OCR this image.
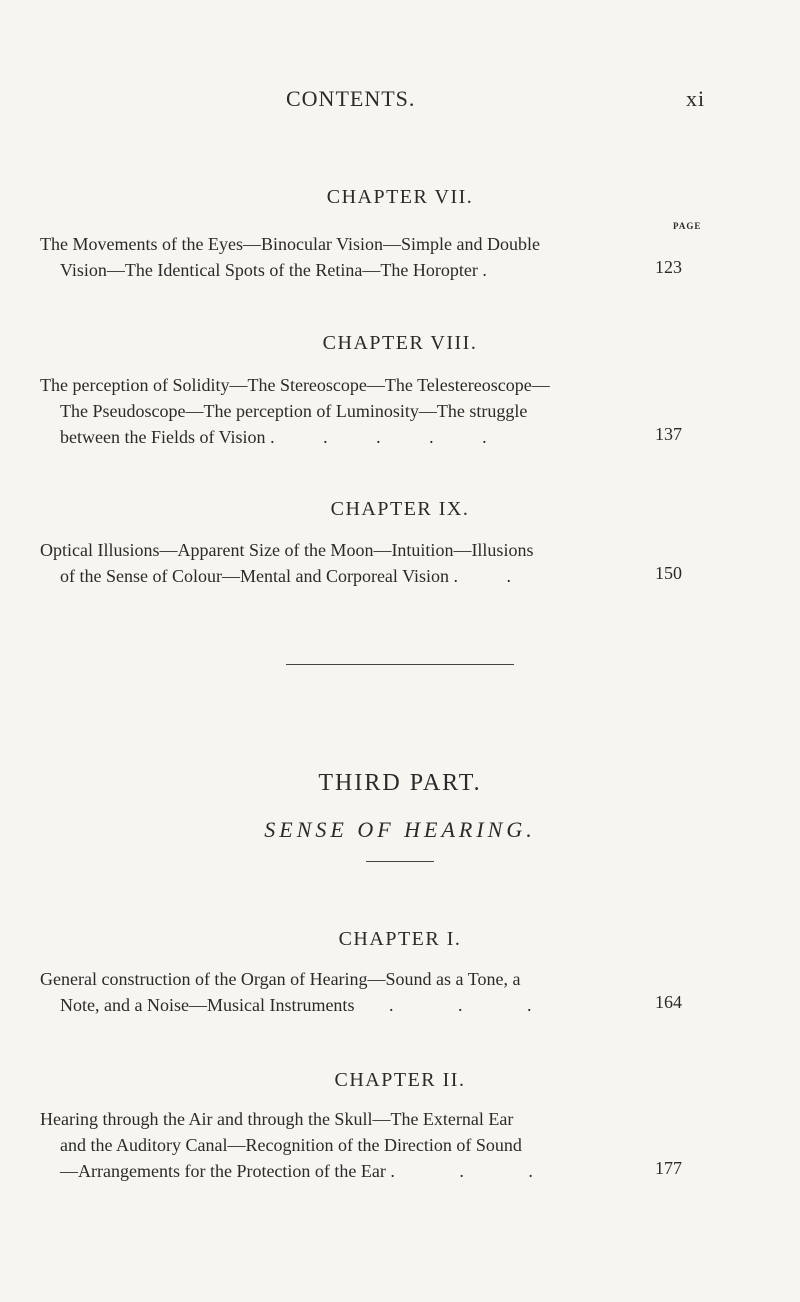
CONTENTS.	xi
CHAPTER VII.
PAGE
The Movements of the Eyes—Binocular Vision—Simple and Double
Vision—The Identical Spots of the Retina—The Horopter .	123
CHAPTER VIII.
The perception of Solidity—The Stereoscope—The Telestereoscope—
The Pseudoscope—The perception of Luminosity—The struggle
between the Fields of Vision . . . . .	137
CHAPTER IX.
Optical Illusions—Apparent Size of the Moon—Intuition—Illusions
of the Sense of Colour—Mental and Corporeal Vision . .	150
THIRD PART.
SENSE OF HEARING.
CHAPTER I.
General construction of the Organ of Hearing—Sound as a Tone, a
Note, and a Noise—Musical Instruments . . .	164
CHAPTER II.
Hearing through the Air and through the Skull—The External Ear
and the Auditory Canal—Recognition of the Direction of Sound
—Arrangements for the Protection of the Ear . . .	177
